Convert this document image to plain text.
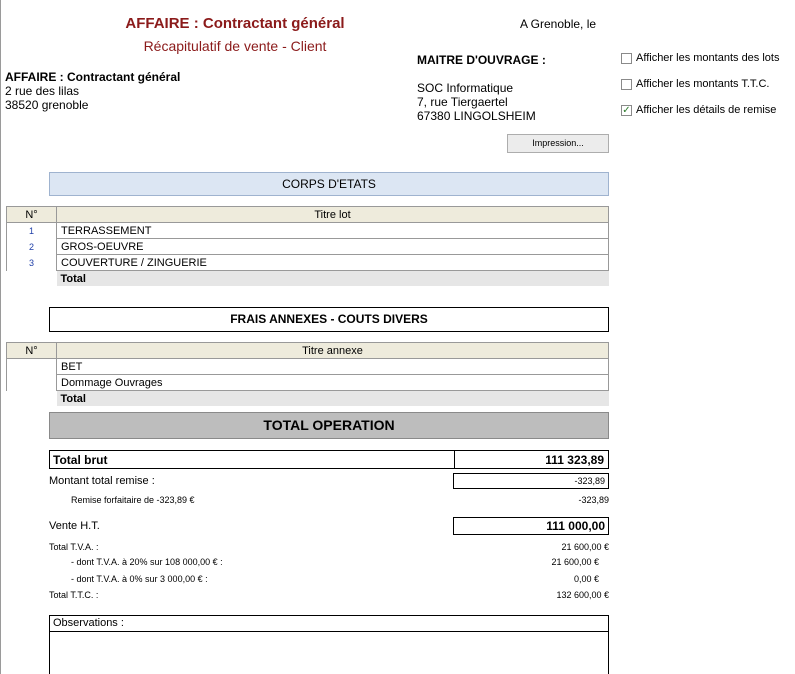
AFFAIRE : Contractant général
Récapitulatif de vente - Client
A Grenoble, le
AFFAIRE : Contractant général
2 rue des lilas
38520 grenoble
MAITRE D'OUVRAGE :
SOC Informatique
7, rue Tiergaertel
67380 LINGOLSHEIM
Afficher les montants des lots
Afficher les montants T.T.C.
✓ Afficher les détails de remise
Impression...
CORPS D'ETATS
N°	Titre lot
1	TERRASSEMENT
2	GROS-OEUVRE
3	COUVERTURE / ZINGUERIE
	Total
FRAIS ANNEXES - COUTS DIVERS
N°	Titre annexe
	BET
	Dommage Ouvrages
	Total
TOTAL OPERATION
Total brut	111 323,89
Montant total remise :	-323,89
Remise forfaitaire de -323,89 €	-323,89
Vente H.T.	111 000,00
Total T.V.A. :	21 600,00 €
- dont T.V.A. à 20% sur 108 000,00 € :	21 600,00 €
- dont T.V.A. à 0% sur 3 000,00 € :	0,00 €
Total T.T.C. :	132 600,00 €
Observations :
